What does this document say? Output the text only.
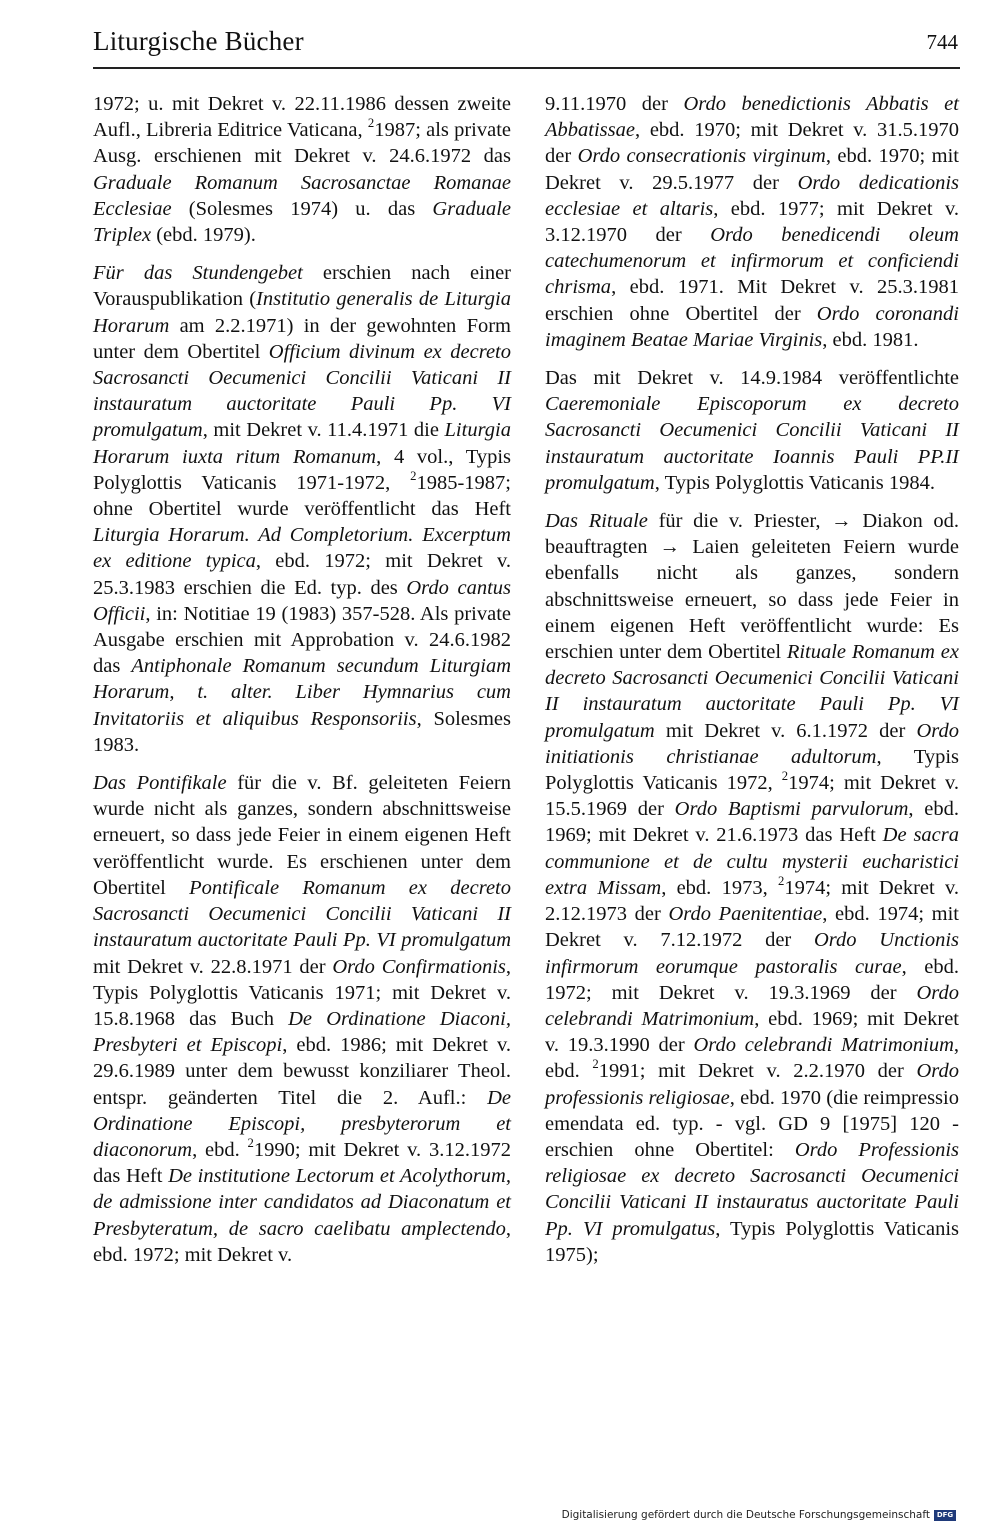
Liturgische Bücher	744

1972; u. mit Dekret v. 22.11.1986 dessen zweite Aufl., Libreria Editrice Vaticana, $^2$1987; als private Ausg. erschienen mit Dekret v. 24.6.1972 das Graduale Romanum Sacrosanctae Romanae Ecclesiae (Solesmes 1974) u. das Graduale Triplex (ebd. 1979).

Für das Stundengebet erschien nach einer Vorauspublikation (Institutio generalis de Liturgia Horarum am 2.2.1971) in der gewohnten Form unter dem Obertitel Officium divinum ex decreto Sacrosancti Oecumenici Concilii Vaticani II instauratum auctoritate Pauli Pp. VI promulgatum, mit Dekret v. 11.4.1971 die Liturgia Horarum iuxta ritum Romanum, 4 vol., Typis Polyglottis Vaticanis 1971-1972, $^2$1985-1987; ohne Obertitel wurde veröffentlicht das Heft Liturgia Horarum. Ad Completorium. Excerptum ex editione typica, ebd. 1972; mit Dekret v. 25.3.1983 erschien die Ed. typ. des Ordo cantus Officii, in: Notitiae 19 (1983) 357-528. Als private Ausgabe erschien mit Approbation v. 24.6.1982 das Antiphonale Romanum secundum Liturgiam Horarum, t. alter. Liber Hymnarius cum Invitatoriis et aliquibus Responsoriis, Solesmes 1983.

Das Pontifikale für die v. Bf. geleiteten Feiern wurde nicht als ganzes, sondern abschnittsweise erneuert, so dass jede Feier in einem eigenen Heft veröffentlicht wurde. Es erschienen unter dem Obertitel Pontificale Romanum ex decreto Sacrosancti Oecumenici Concilii Vaticani II instauratum auctoritate Pauli Pp. VI promulgatum mit Dekret v. 22.8.1971 der Ordo Confirmationis, Typis Polyglottis Vaticanis 1971; mit Dekret v. 15.8.1968 das Buch De Ordinatione Diaconi, Presbyteri et Episcopi, ebd. 1986; mit Dekret v. 29.6.1989 unter dem bewusst konziliarer Theol. entspr. geänderten Titel die 2. Aufl.: De Ordinatione Episcopi, presbyterorum et diaconorum, ebd. $^2$1990; mit Dekret v. 3.12.1972 das Heft De institutione Lectorum et Acolythorum, de admissione inter candidatos ad Diaconatum et Presbyteratum, de sacro caelibatu amplectendo, ebd. 1972; mit Dekret v.

9.11.1970 der Ordo benedictionis Abbatis et Abbatissae, ebd. 1970; mit Dekret v. 31.5.1970 der Ordo consecrationis virginum, ebd. 1970; mit Dekret v. 29.5.1977 der Ordo dedicationis ecclesiae et altaris, ebd. 1977; mit Dekret v. 3.12.1970 der Ordo benedicendi oleum catechumenorum et infirmorum et conficiendi chrisma, ebd. 1971. Mit Dekret v. 25.3.1981 erschien ohne Obertitel der Ordo coronandi imaginem Beatae Mariae Virginis, ebd. 1981.

Das mit Dekret v. 14.9.1984 veröffentlichte Caeremoniale Episcoporum ex decreto Sacrosancti Oecumenici Concilii Vaticani II instauratum auctoritate Ioannis Pauli PP.II promulgatum, Typis Polyglottis Vaticanis 1984.

Das Rituale für die v. Priester, → Diakon od. beauftragten → Laien geleiteten Feiern wurde ebenfalls nicht als ganzes, sondern abschnittsweise erneuert, so dass jede Feier in einem eigenen Heft veröffentlicht wurde: Es erschien unter dem Obertitel Rituale Romanum ex decreto Sacrosancti Oecumenici Concilii Vaticani II instauratum auctoritate Pauli Pp. VI promulgatum mit Dekret v. 6.1.1972 der Ordo initiationis christianae adultorum, Typis Polyglottis Vaticanis 1972, $^2$1974; mit Dekret v. 15.5.1969 der Ordo Baptismi parvulorum, ebd. 1969; mit Dekret v. 21.6.1973 das Heft De sacra communione et de cultu mysterii eucharistici extra Missam, ebd. 1973, $^2$1974; mit Dekret v. 2.12.1973 der Ordo Paenitentiae, ebd. 1974; mit Dekret v. 7.12.1972 der Ordo Unctionis infirmorum eorumque pastoralis curae, ebd. 1972; mit Dekret v. 19.3.1969 der Ordo celebrandi Matrimonium, ebd. 1969; mit Dekret v. 19.3.1990 der Ordo celebrandi Matrimonium, ebd. $^2$1991; mit Dekret v. 2.2.1970 der Ordo professionis religiosae, ebd. 1970 (die reimpressio emendata ed. typ. - vgl. GD 9 [1975] 120 - erschien ohne Obertitel: Ordo Professionis religiosae ex decreto Sacrosancti Oecumenici Concilii Vaticani II instauratus auctoritate Pauli Pp. VI promulgatus, Typis Polyglottis Vaticanis 1975);

Digitalisierung gefördert durch die Deutsche Forschungsgemeinschaft DFG
